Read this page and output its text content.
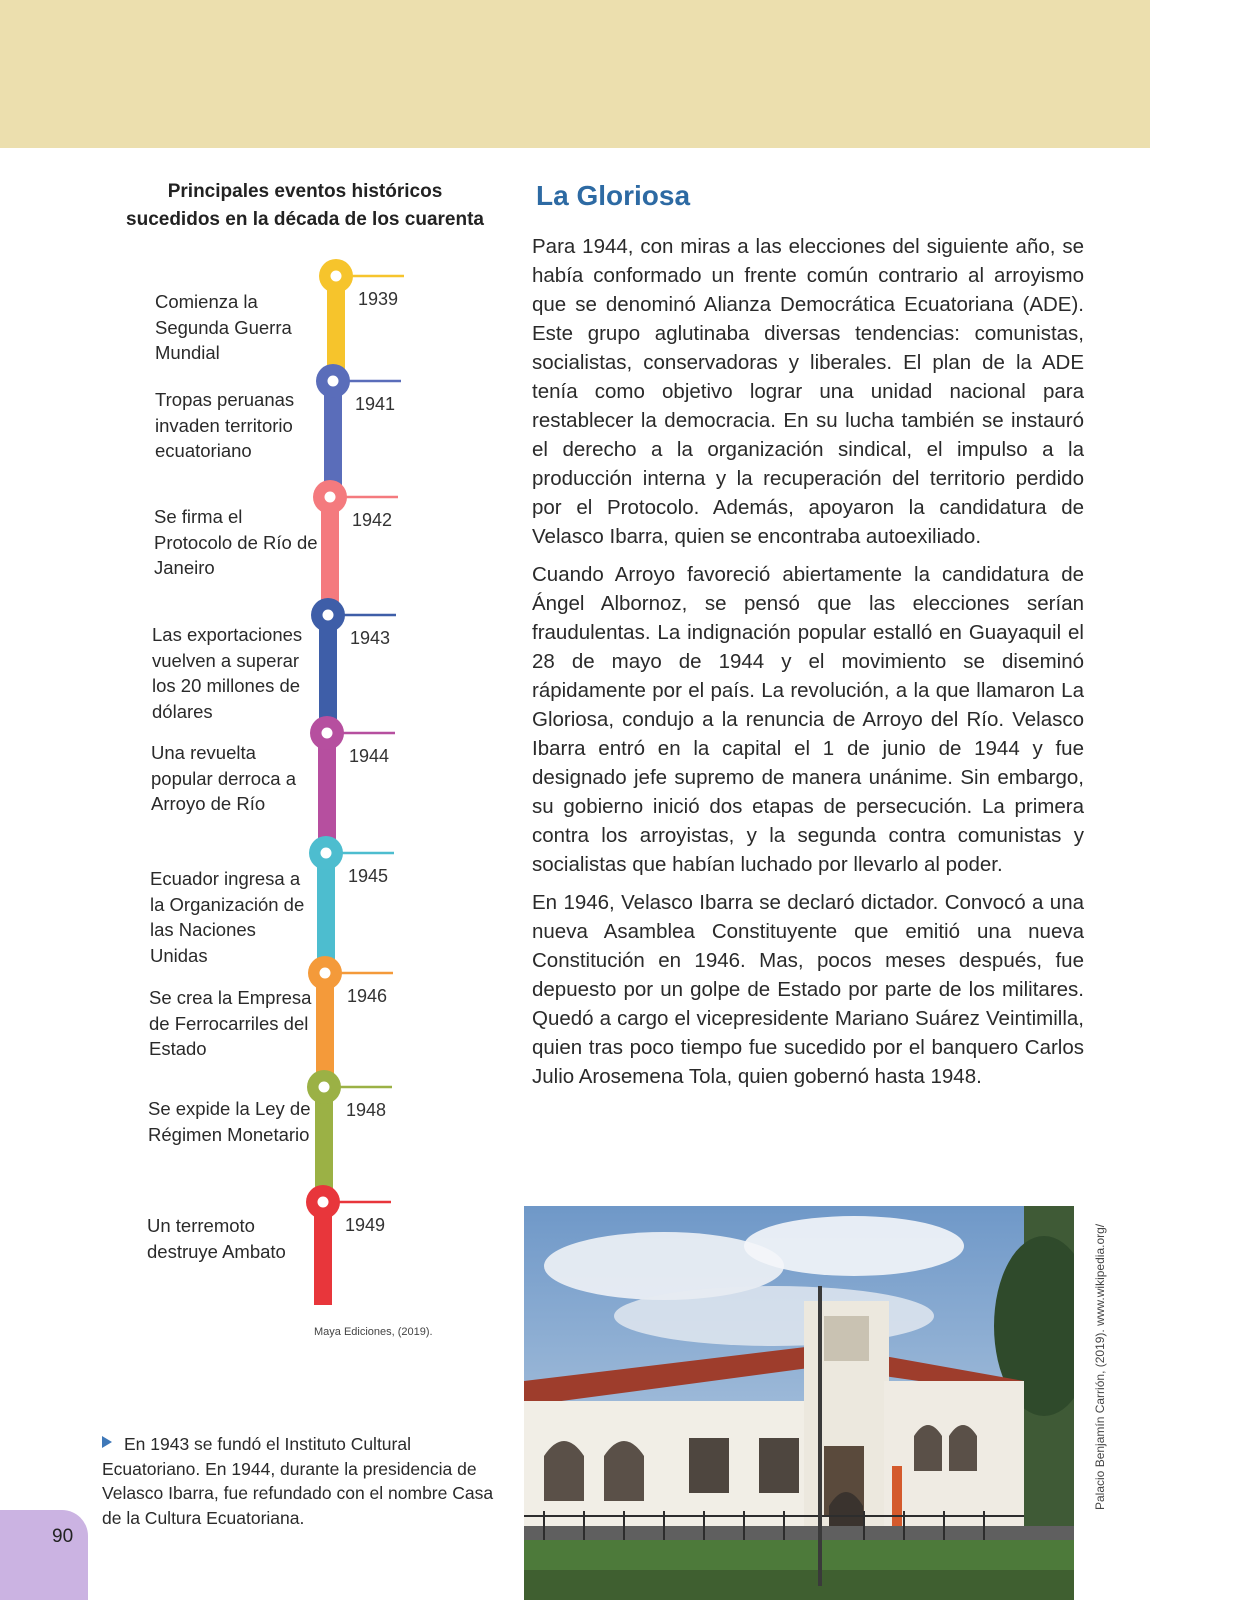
Principales eventos históricos
sucedidos en la década de los cuarenta
1939
Comienza la Segunda Guerra Mundial
1941
Tropas peruanas invaden territorio ecuatoriano
1942
Se firma el Protocolo de Río de Janeiro
1943
Las exportaciones vuelven a superar los 20 millones de dólares
1944
Una revuelta popular derroca a Arroyo de Río
1945
Ecuador ingresa a la Organización de las Naciones Unidas
1946
Se crea la Empresa de Ferrocarriles del Estado
1948
Se expide la Ley de Régimen Monetario
1949
Un terremoto destruye Ambato
Maya Ediciones, (2019).
En 1943 se fundó el Instituto Cultural Ecuatoriano. En 1944, durante la presidencia de Velasco Ibarra, fue refundado con el nombre Casa de la Cultura Ecuatoriana.
90
La Gloriosa

Para 1944, con miras a las elecciones del siguiente año, se había conformado un frente común contrario al arroyismo que se denominó Alianza Democrática Ecuatoriana (ADE). Este grupo aglutinaba diversas tendencias: comunistas, socialistas, conservadoras y liberales. El plan de la ADE tenía como objetivo lograr una unidad nacional para restablecer la democracia. En su lucha también se instauró el derecho a la organización sindical, el impulso a la producción interna y la recuperación del territorio perdido por el Protocolo. Además, apoyaron la candidatura de Velasco Ibarra, quien se encontraba autoexiliado.

Cuando Arroyo favoreció abiertamente la candidatura de Ángel Albornoz, se pensó que las elecciones serían fraudulentas. La indignación popular estalló en Guayaquil el 28 de mayo de 1944 y el movimiento se diseminó rápidamente por el país. La revolución, a la que llamaron La Gloriosa, condujo a la renuncia de Arroyo del Río. Velasco Ibarra entró en la capital el 1 de junio de 1944 y fue designado jefe supremo de manera unánime. Sin embargo, su gobierno inició dos etapas de persecución. La primera contra los arroyistas, y la segunda contra comunistas y socialistas que habían luchado por llevarlo al poder.

En 1946, Velasco Ibarra se declaró dictador. Convocó a una nueva Asamblea Constituyente que emitió una nueva Constitución en 1946. Mas, pocos meses después, fue depuesto por un golpe de Estado por parte de los militares. Quedó a cargo el vicepresidente Mariano Suárez Veintimilla, quien tras poco tiempo fue sucedido por el banquero Carlos Julio Arosemena Tola, quien gobernó hasta 1948.

Palacio Benjamín Carrión, (2019). www.wikipedia.org/
